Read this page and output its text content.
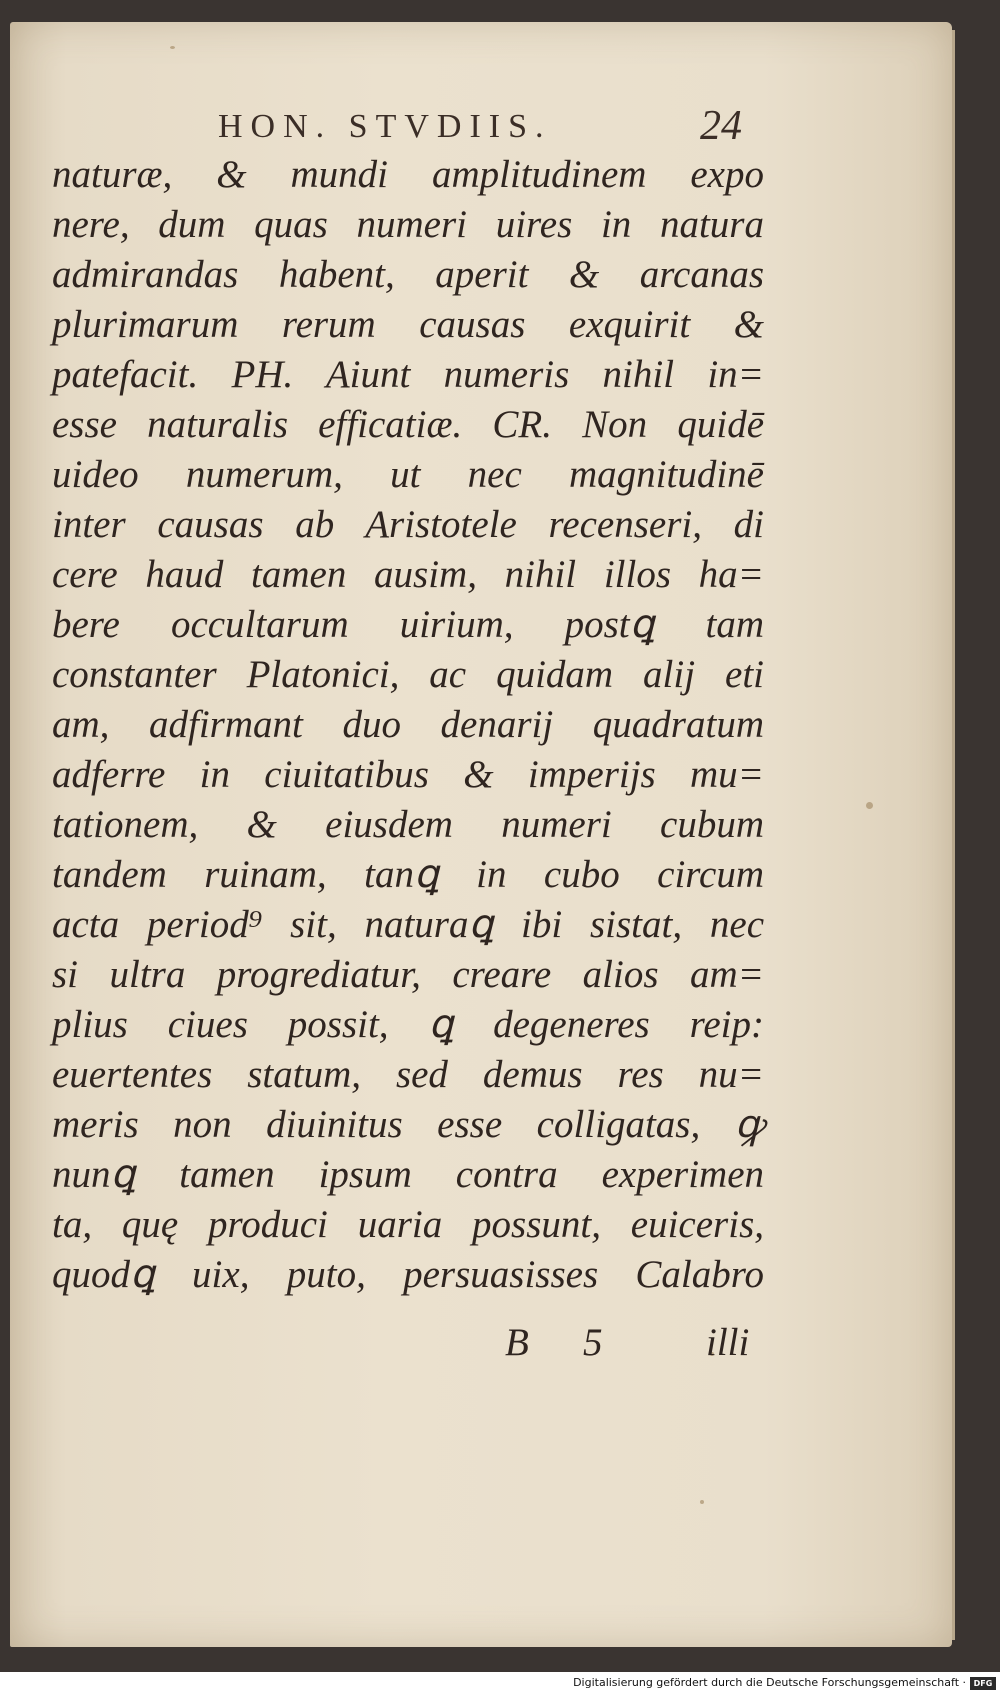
HON. STVDIIS.	24
naturæ, & mundi amplitudinem expo
nere, dum quas numeri uires in natura
admirandas habent, aperit & arcanas
plurimarum rerum causas exquirit &
patefacit. PH. Aiunt numeris nihil in=
esse naturalis efficatiæ. CR. Non quidē
uideo numerum, ut nec magnitudinē
inter causas ab Aristotele recenseri, di
cere haud tamen ausim, nihil illos ha=
bere occultarum uirium, postꝗ tam
constanter Platonici, ac quidam alij eti
am, adfirmant duo denarij quadratum
adferre in ciuitatibus & imperijs mu=
tationem, & eiusdem numeri cubum
tandem ruinam, tanꝗ in cubo circum
acta period⁹ sit, naturaꝗ ibi sistat, nec
si ultra progrediatur, creare alios am=
plius ciues possit, ꝗ degeneres reip:
euertentes statum, sed demus res nu=
meris non diuinitus esse colligatas, ꝙ
nunꝗ tamen ipsum contra experimen
ta, quę produci uaria possunt, euiceris,
quodꝗ uix, puto, persuasisses Calabro
B 5	illi
Digitalisierung gefördert durch die Deutsche Forschungsgemeinschaft · DFG
